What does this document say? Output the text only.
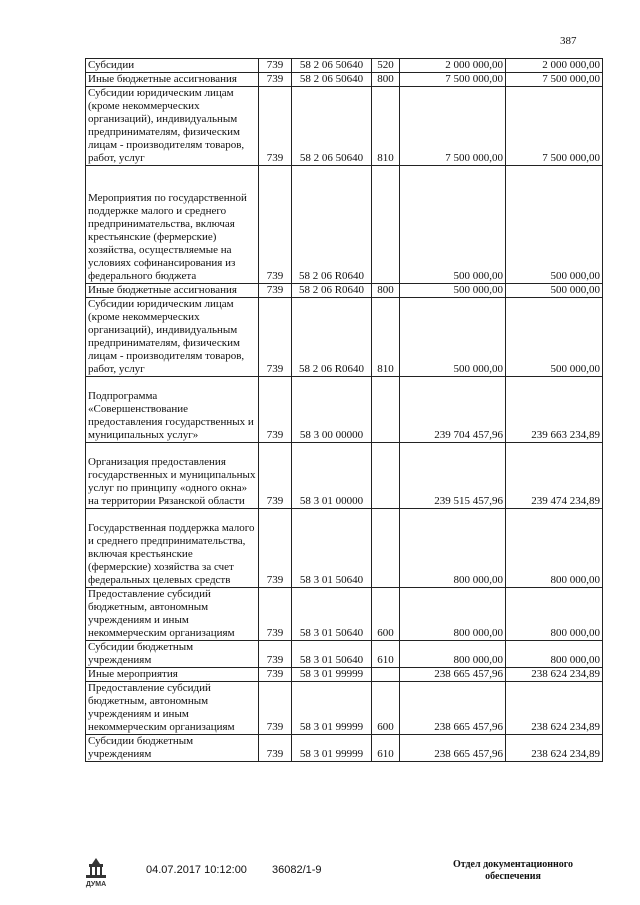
387
Субсидии	739	58 2 06 50640	520	2 000 000,00	2 000 000,00
Иные бюджетные ассигнования	739	58 2 06 50640	800	7 500 000,00	7 500 000,00
Субсидии юридическим лицам (кроме некоммерческих организаций), индивидуальным предпринимателям, физическим лицам - производителям товаров, работ, услуг	739	58 2 06 50640	810	7 500 000,00	7 500 000,00
Мероприятия по государственной поддержке малого и среднего предпринимательства, включая крестьянские (фермерские) хозяйства, осуществляемые на условиях софинансирования из федерального бюджета	739	58 2 06 R0640		500 000,00	500 000,00
Иные бюджетные ассигнования	739	58 2 06 R0640	800	500 000,00	500 000,00
Субсидии юридическим лицам (кроме некоммерческих организаций), индивидуальным предпринимателям, физическим лицам - производителям товаров, работ, услуг	739	58 2 06 R0640	810	500 000,00	500 000,00
Подпрограмма «Совершенствование предоставления государственных и муниципальных услуг»	739	58 3 00 00000		239 704 457,96	239 663 234,89
Организация предоставления государственных и муниципальных услуг по принципу «одного окна» на территории Рязанской области	739	58 3 01 00000		239 515 457,96	239 474 234,89
Государственная поддержка малого и среднего предпринимательства, включая крестьянские (фермерские) хозяйства за счет федеральных целевых средств	739	58 3 01 50640		800 000,00	800 000,00
Предоставление субсидий бюджетным, автономным учреждениям и иным некоммерческим организациям	739	58 3 01 50640	600	800 000,00	800 000,00
Субсидии бюджетным учреждениям	739	58 3 01 50640	610	800 000,00	800 000,00
Иные мероприятия	739	58 3 01 99999		238 665 457,96	238 624 234,89
Предоставление субсидий бюджетным, автономным учреждениям и иным некоммерческим организациям	739	58 3 01 99999	600	238 665 457,96	238 624 234,89
Субсидии бюджетным учреждениям	739	58 3 01 99999	610	238 665 457,96	238 624 234,89
ДУМА
04.07.2017 10:12:00 36082/1-9	Отдел документационного
обеспечения
